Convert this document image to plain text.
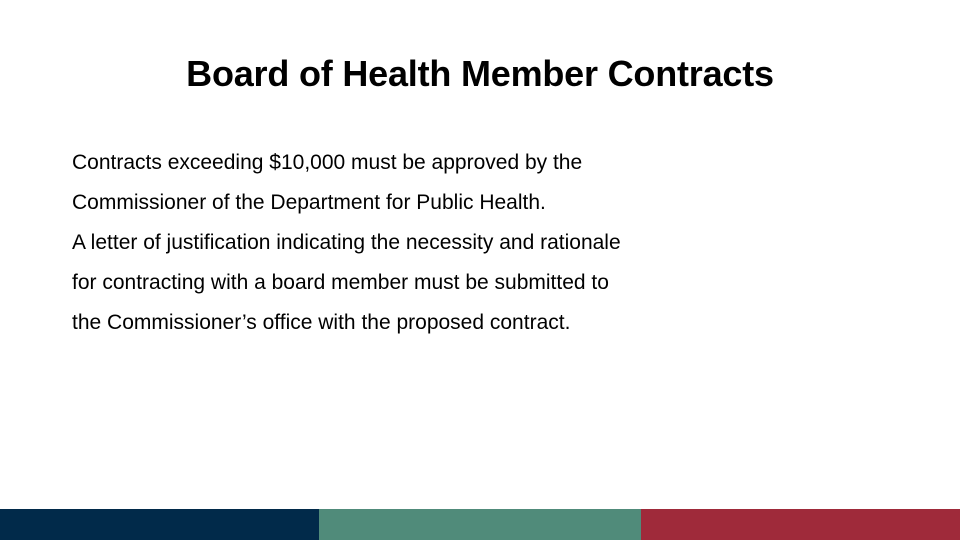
Board of Health Member Contracts
Contracts exceeding $10,000 must be approved by the
Commissioner of the Department for Public Health.
A letter of justification indicating the necessity and rationale
for contracting with a board member must be submitted to
the Commissioner’s office with the proposed contract.
